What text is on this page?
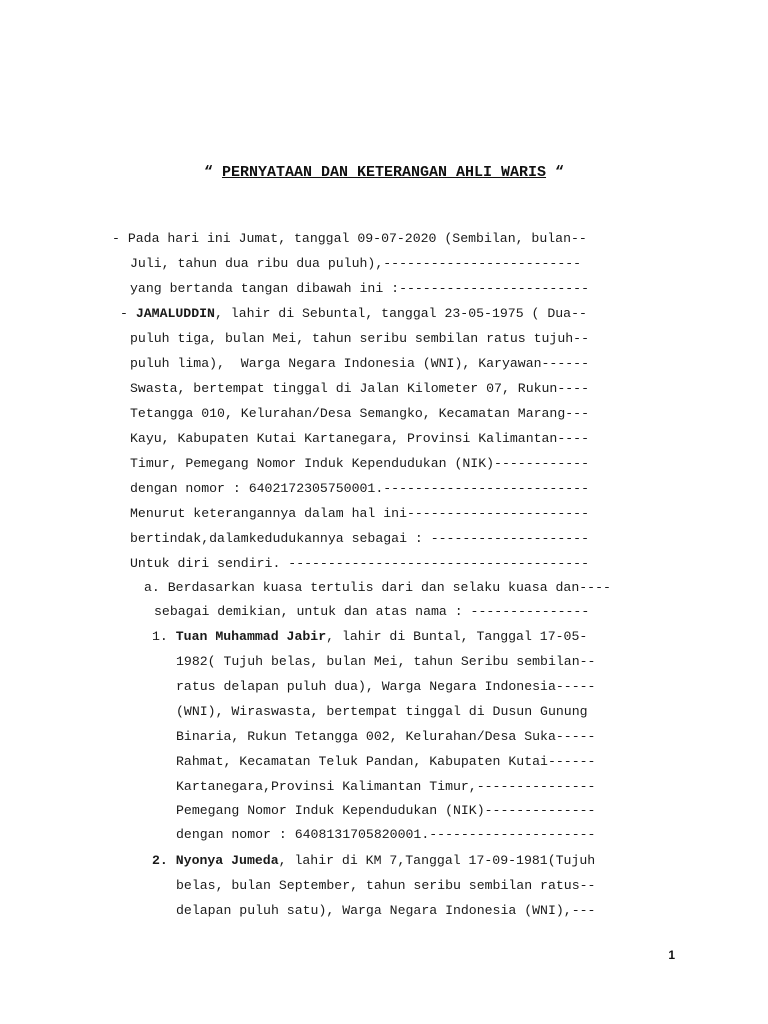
“ PERNYATAAN DAN KETERANGAN AHLI WARIS “
- Pada hari ini Jumat, tanggal 09-07-2020 (Sembilan, bulan--
Juli, tahun dua ribu dua puluh),-------------------------
yang bertanda tangan dibawah ini :------------------------
- JAMALUDDIN, lahir di Sebuntal, tanggal 23-05-1975 ( Dua--
puluh tiga, bulan Mei, tahun seribu sembilan ratus tujuh--
puluh lima),  Warga Negara Indonesia (WNI), Karyawan------
Swasta, bertempat tinggal di Jalan Kilometer 07, Rukun----
Tetangga 010, Kelurahan/Desa Semangko, Kecamatan Marang---
Kayu, Kabupaten Kutai Kartanegara, Provinsi Kalimantan----
Timur, Pemegang Nomor Induk Kependudukan (NIK)------------
dengan nomor : 6402172305750001.--------------------------
Menurut keterangannya dalam hal ini-----------------------
bertindak,dalamkedudukannya sebagai : --------------------
Untuk diri sendiri. --------------------------------------
a. Berdasarkan kuasa tertulis dari dan selaku kuasa dan----
sebagai demikian, untuk dan atas nama : ---------------
1. Tuan Muhammad Jabir, lahir di Buntal, Tanggal 17-05-
1982( Tujuh belas, bulan Mei, tahun Seribu sembilan--
ratus delapan puluh dua), Warga Negara Indonesia-----
(WNI), Wiraswasta, bertempat tinggal di Dusun Gunung
Binaria, Rukun Tetangga 002, Kelurahan/Desa Suka-----
Rahmat, Kecamatan Teluk Pandan, Kabupaten Kutai------
Kartanegara,Provinsi Kalimantan Timur,---------------
Pemegang Nomor Induk Kependudukan (NIK)--------------
dengan nomor : 6408131705820001.---------------------
2. Nyonya Jumeda, lahir di KM 7,Tanggal 17-09-1981(Tujuh
belas, bulan September, tahun seribu sembilan ratus--
delapan puluh satu), Warga Negara Indonesia (WNI),---
1
